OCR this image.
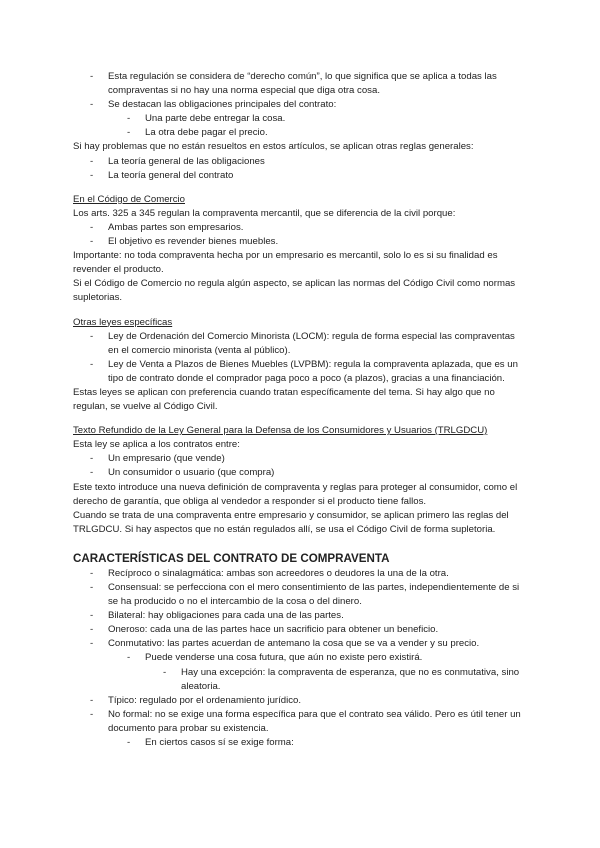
- Esta regulación se considera de “derecho común”, lo que significa que se aplica a todas las compraventas si no hay una norma especial que diga otra cosa.
- Se destacan las obligaciones principales del contrato:
- Una parte debe entregar la cosa.
- La otra debe pagar el precio.
Si hay problemas que no están resueltos en estos artículos, se aplican otras reglas generales:
- La teoría general de las obligaciones
- La teoría general del contrato
En el Código de Comercio
Los arts. 325 a 345 regulan la compraventa mercantil, que se diferencia de la civil porque:
- Ambas partes son empresarios.
- El objetivo es revender bienes muebles.
Importante: no toda compraventa hecha por un empresario es mercantil, solo lo es si su finalidad es revender el producto.
Si el Código de Comercio no regula algún aspecto, se aplican las normas del Código Civil como normas supletorias.
Otras leyes específicas
- Ley de Ordenación del Comercio Minorista (LOCM): regula de forma especial las compraventas en el comercio minorista (venta al público).
- Ley de Venta a Plazos de Bienes Muebles (LVPBM): regula la compraventa aplazada, que es un tipo de contrato donde el comprador paga poco a poco (a plazos), gracias a una financiación.
Estas leyes se aplican con preferencia cuando tratan específicamente del tema. Si hay algo que no regulan, se vuelve al Código Civil.
Texto Refundido de la Ley General para la Defensa de los Consumidores y Usuarios (TRLGDCU)
Esta ley se aplica a los contratos entre:
- Un empresario (que vende)
- Un consumidor o usuario (que compra)
Este texto introduce una nueva definición de compraventa y reglas para proteger al consumidor, como el derecho de garantía, que obliga al vendedor a responder si el producto tiene fallos.
Cuando se trata de una compraventa entre empresario y consumidor, se aplican primero las reglas del TRLGDCU. Si hay aspectos que no están regulados allí, se usa el Código Civil de forma supletoria.
CARACTERÍSTICAS DEL CONTRATO DE COMPRAVENTA
- Recíproco o sinalagmática: ambas son acreedores o deudores la una de la otra.
- Consensual: se perfecciona con el mero consentimiento de las partes, independientemente de si se ha producido o no el intercambio de la cosa o del dinero.
- Bilateral: hay obligaciones para cada una de las partes.
- Oneroso: cada una de las partes hace un sacrificio para obtener un beneficio.
- Conmutativo: las partes acuerdan de antemano la cosa que se va a vender y su precio.
- Puede venderse una cosa futura, que aún no existe pero existirá.
- Hay una excepción: la compraventa de esperanza, que no es conmutativa, sino aleatoria.
- Típico: regulado por el ordenamiento jurídico.
- No formal: no se exige una forma específica para que el contrato sea válido. Pero es útil tener un documento para probar su existencia.
- En ciertos casos sí se exige forma:
